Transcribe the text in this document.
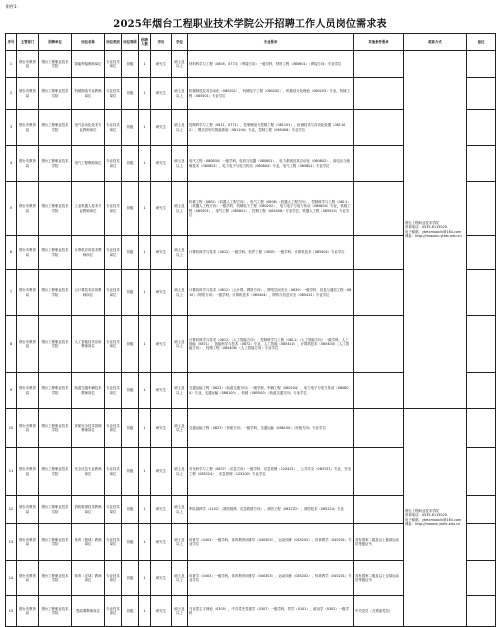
附件1：
2025年烟台工程职业技术学院公开招聘工作人员岗位需求表
序号	主管部门	招聘单位	岗位名称	岗位类别	岗位等级	招聘人数	学历	学位	专业要求	其他条件要求	联系方式	备注
1	烟台市教育局	烟台工程职业技术学院	智能焊接教师岗位	专业技术岗位	初级	1	研究生	硕士及以上	材料科学与工程（0805、0773）（焊接方向）一级学科，材料工程（085601）（焊接方向）专业学位		烟台工程职业技术学院
咨询电话：0535-6115020
电子邮箱：ytetcmaoxin@163.com
网址：http://rmaoxin.ytetc.edu.cn	

2	烟台市教育局	烟台工程职业技术学院	机械制造专业教师岗位	专业技术岗位	初级	1	研究生	硕士及以上	机械制造及其自动化（080201），机械电子工程（080202），机械设计及理论（080203）专业，机械工程（085501）专业学位			
3	烟台市教育局	烟台工程职业技术学院	电气自动化技术专业教师岗位	专业技术岗位	初级	1	研究生	硕士及以上	控制科学与工程（0811、0771），控制理论与控制工程（081101），检测技术与自动化装置（081102），模式识别与智能系统（081104）专业，控制工程（085406）专业学位			
4	烟台市教育局	烟台工程职业技术学院	电气工程教师岗位	专业技术岗位	初级	1	研究生	硕士及以上	电气工程（080800）一级学科，电机与电器（080801），电力系统及其自动化（080802），高电压与绝缘技术（080803），电力电子与电力传动（080804）专业，电气工程（085801）专业学位			
5	烟台市教育局	烟台工程职业技术学院	工业机器人技术专业教师岗位	专业技术岗位	初级	1	研究生	硕士及以上	机械工程（0802）（机器人工程方向）、电气工程（0808）（机器人工程方向）、控制科学与工程（0811）（机器人工程方向）一级学科，机械电子工程（080202），电力电子与电力传动（080804）专业，机械工程（085501），电气工程（085801），控制工程（085406）专业学位，机器人工程（085510）专业学位			
6	烟台市教育局	烟台工程职业技术学院	计算机应用技术教师岗位	专业技术岗位	初级	1	研究生	硕士及以上	计算机科学与技术（0812）一级学科，软件工程（0835）一级学科，计算机技术（085404）专业学位			
7	烟台市教育局	烟台工程职业技术学院	云计算技术应用教师岗位	专业技术岗位	初级	1	研究生	硕士及以上	计算机科学与技术（0812）（云计算、网络方向）、网络空间安全（0839）一级学科，信息与通信工程（0810）（网络方向）一级学科，计算机技术（085404），网络与信息安全（085412）专业学位			
8	烟台市教育局	烟台工程职业技术学院	人工智能技术应用教师岗位	专业技术岗位	初级	1	研究生	硕士及以上	计算机科学与技术（0812）（人工智能方向），控制科学与工程（0811）（人工智能方向）一级学科，人工智能（0871），智能科学与技术（0872）专业，人工智能（085410），计算机技术（085404）（人工智能方向），控制工程（085406）（人工智能方向）专业学位			
9	烟台市教育局	烟台工程职业技术学院	轨道交通车辆技术教师岗位	专业技术岗位	初级	1	研究生	硕士及以上	交通运输工程（0823）（轨道交通方向）一级学科，车辆工程（080204），电力电子与电力传动（080804）专业，交通运输（086100），机械（085500）（轨道交通方向）专业学位			
10	烟台市教育局	烟台工程职业技术学院	民航安全技术管理教师岗位	专业技术岗位	初级	1	研究生	硕士及以上	交通运输工程（0823）（民航方向）一级学科，交通运输（086100）（民航方向）专业学位		烟台工程职业技术学院
咨询电话：0535-6115020
电子邮箱：ytetcmaoxin@163.com
网址：http://maoxin.ytetc.edu.cn	

11	烟台市教育局	烟台工程职业技术学院	安全应急专业教师岗位	专业技术岗位	初级	1	研究生	硕士及以上	安全科学与工程（0837）（应急方向）一级学科，应急管理（1204Z1），公共安全（0837Z1）专业，安全工程（085224），应急管理（125200）专业学位			
12	烟台市教育局	烟台工程职业技术学院	消防救援技术教师岗位	专业技术岗位	初级	1	研究生	硕士及以上	军队指挥学（1102）（消防指挥、应急救援方向），消防工程（0837Z2），消防技术（085224）专业			
13	烟台市教育局	烟台工程职业技术学院	体育（篮球）教师岗位	专业技术岗位	初级	1	研究生	硕士及以上	体育学（0403）一级学科，体育教育训练学（040303），运动训练（045202），体育教学（045201）专业学位	具有国家二级及以上篮球运动员等级证书		
14	烟台市教育局	烟台工程职业技术学院	体育（足球）教师岗位	专业技术岗位	初级	1	研究生	硕士及以上	体育学（0403）一级学科，体育教育训练学（040303），运动训练（045202），体育教学（045201）专业学位	具有国家二级及以上足球运动员等级证书		
15	烟台市教育局	烟台工程职业技术学院	思政课教师岗位	专业技术岗位	初级	1	研究生	硕士及以上	马克思主义理论（0305），中共党史党建学（0307）一级学科，哲学（0101），政治学（0302）一级学科	中共党员（含预备党员）		
